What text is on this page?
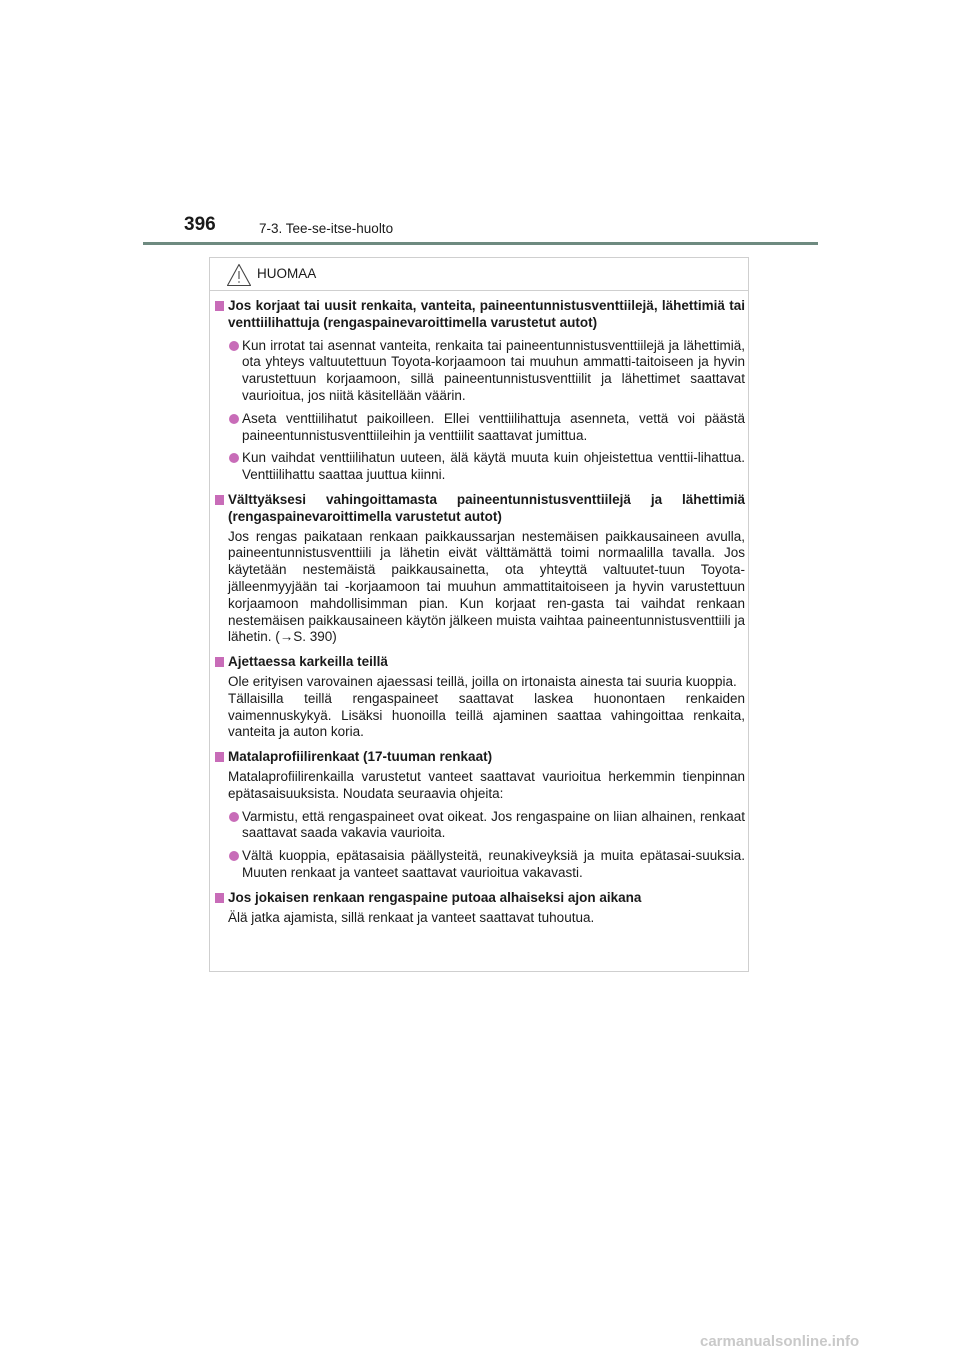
396	7-3. Tee-se-itse-huolto
HUOMAA
Jos korjaat tai uusit renkaita, vanteita, paineentunnistusventtiilejä, lähettimiä tai venttiilihattuja (rengaspainevaroittimella varustetut autot)
Kun irrotat tai asennat vanteita, renkaita tai paineentunnistusventtiilejä ja lähettimiä, ota yhteys valtuutettuun Toyota-korjaamoon tai muuhun ammatti-taitoiseen ja hyvin varustettuun korjaamoon, sillä paineentunnistusventtiilit ja lähettimet saattavat vaurioitua, jos niitä käsitellään väärin.
Aseta venttiilihatut paikoilleen. Ellei venttiilihattuja asenneta, vettä voi päästä paineentunnistusventtiileihin ja venttiilit saattavat jumittua.
Kun vaihdat venttiilihatun uuteen, älä käytä muuta kuin ohjeistettua venttii-lihattua. Venttiilihattu saattaa juuttua kiinni.
Välttyäksesi vahingoittamasta paineentunnistusventtiilejä ja lähettimiä (rengaspainevaroittimella varustetut autot)
Jos rengas paikataan renkaan paikkaussarjan nestemäisen paikkausaineen avulla, paineentunnistusventtiili ja lähetin eivät välttämättä toimi normaalilla tavalla. Jos käytetään nestemäistä paikkausainetta, ota yhteyttä valtuutet-tuun Toyota-jälleenmyyjään tai -korjaamoon tai muuhun ammattitaitoiseen ja hyvin varustettuun korjaamoon mahdollisimman pian. Kun korjaat ren-gasta tai vaihdat renkaan nestemäisen paikkausaineen käytön jälkeen muista vaihtaa paineentunnistusventtiili ja lähetin. (→S. 390)
Ajettaessa karkeilla teillä
Ole erityisen varovainen ajaessasi teillä, joilla on irtonaista ainesta tai suuria kuoppia.
Tällaisilla teillä rengaspaineet saattavat laskea huonontaen renkaiden vaimennuskykyä. Lisäksi huonoilla teillä ajaminen saattaa vahingoittaa renkaita, vanteita ja auton koria.
Matalaprofiilirenkaat (17-tuuman renkaat)
Matalaprofiilirenkailla varustetut vanteet saattavat vaurioitua herkemmin tienpinnan epätasaisuuksista. Noudata seuraavia ohjeita:
Varmistu, että rengaspaineet ovat oikeat. Jos rengaspaine on liian alhainen, renkaat saattavat saada vakavia vaurioita.
Vältä kuoppia, epätasaisia päällysteitä, reunakiveyksiä ja muita epätasai-suuksia. Muuten renkaat ja vanteet saattavat vaurioitua vakavasti.
Jos jokaisen renkaan rengaspaine putoaa alhaiseksi ajon aikana
Älä jatka ajamista, sillä renkaat ja vanteet saattavat tuhoutua.
carmanualsonline.info
